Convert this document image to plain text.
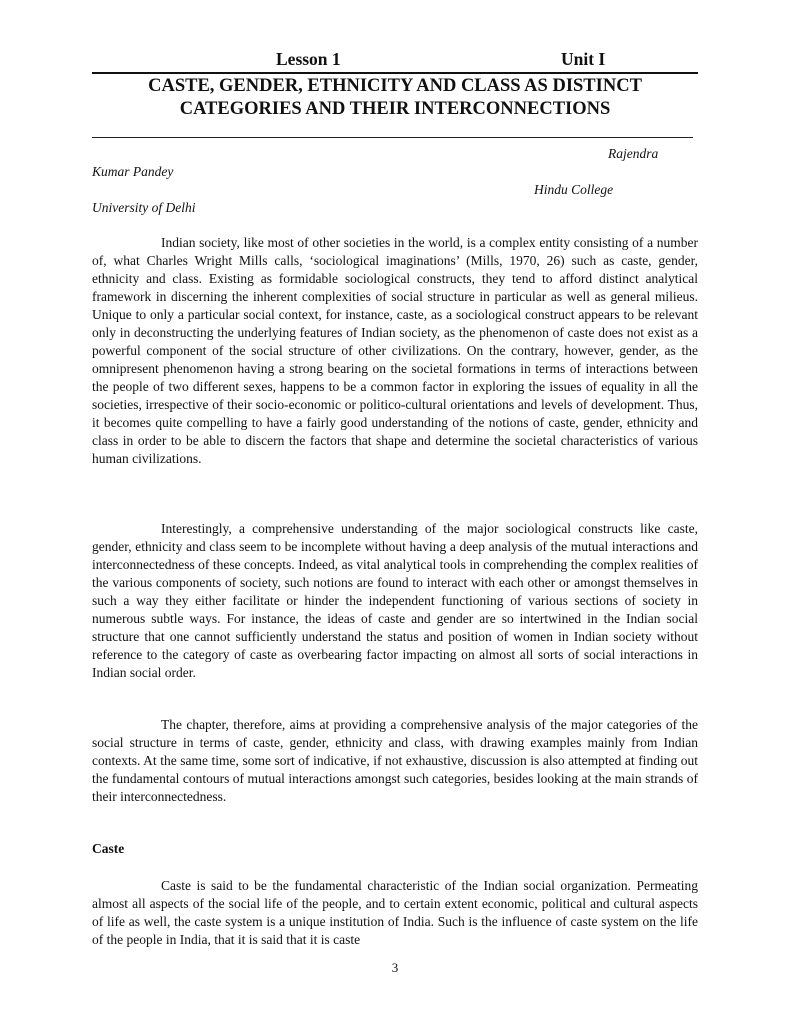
Lesson 1	Unit I
CASTE, GENDER, ETHNICITY AND CLASS AS DISTINCT
CATEGORIES AND THEIR INTERCONNECTIONS
Rajendra
Kumar Pandey
Hindu College
University of Delhi

Indian society, like most of other societies in the world, is a complex entity consisting of a number of, what Charles Wright Mills calls, ‘sociological imaginations’ (Mills, 1970, 26) such as caste, gender, ethnicity and class. Existing as formidable sociological constructs, they tend to afford distinct analytical framework in discerning the inherent complexities of social structure in particular as well as general milieus. Unique to only a particular social context, for instance, caste, as a sociological construct appears to be relevant only in deconstructing the underlying features of Indian society, as the phenomenon of caste does not exist as a powerful component of the social structure of other civilizations. On the contrary, however, gender, as the omnipresent phenomenon having a strong bearing on the societal formations in terms of interactions between the people of two different sexes, happens to be a common factor in exploring the issues of equality in all the societies, irrespective of their socio-economic or politico-cultural orientations and levels of development. Thus, it becomes quite compelling to have a fairly good understanding of the notions of caste, gender, ethnicity and class in order to be able to discern the factors that shape and determine the societal characteristics of various human civilizations.

Interestingly, a comprehensive understanding of the major sociological constructs like caste, gender, ethnicity and class seem to be incomplete without having a deep analysis of the mutual interactions and interconnectedness of these concepts. Indeed, as vital analytical tools in comprehending the complex realities of the various components of society, such notions are found to interact with each other or amongst themselves in such a way they either facilitate or hinder the independent functioning of various sections of society in numerous subtle ways. For instance, the ideas of caste and gender are so intertwined in the Indian social structure that one cannot sufficiently understand the status and position of women in Indian society without reference to the category of caste as overbearing factor impacting on almost all sorts of social interactions in Indian social order.

The chapter, therefore, aims at providing a comprehensive analysis of the major categories of the social structure in terms of caste, gender, ethnicity and class, with drawing examples mainly from Indian contexts. At the same time, some sort of indicative, if not exhaustive, discussion is also attempted at finding out the fundamental contours of mutual interactions amongst such categories, besides looking at the main strands of their interconnectedness.

Caste

Caste is said to be the fundamental characteristic of the Indian social organization. Permeating almost all aspects of the social life of the people, and to certain extent economic, political and cultural aspects of life as well, the caste system is a unique institution of India. Such is the influence of caste system on the life of the people in India, that it is said that it is caste

3
